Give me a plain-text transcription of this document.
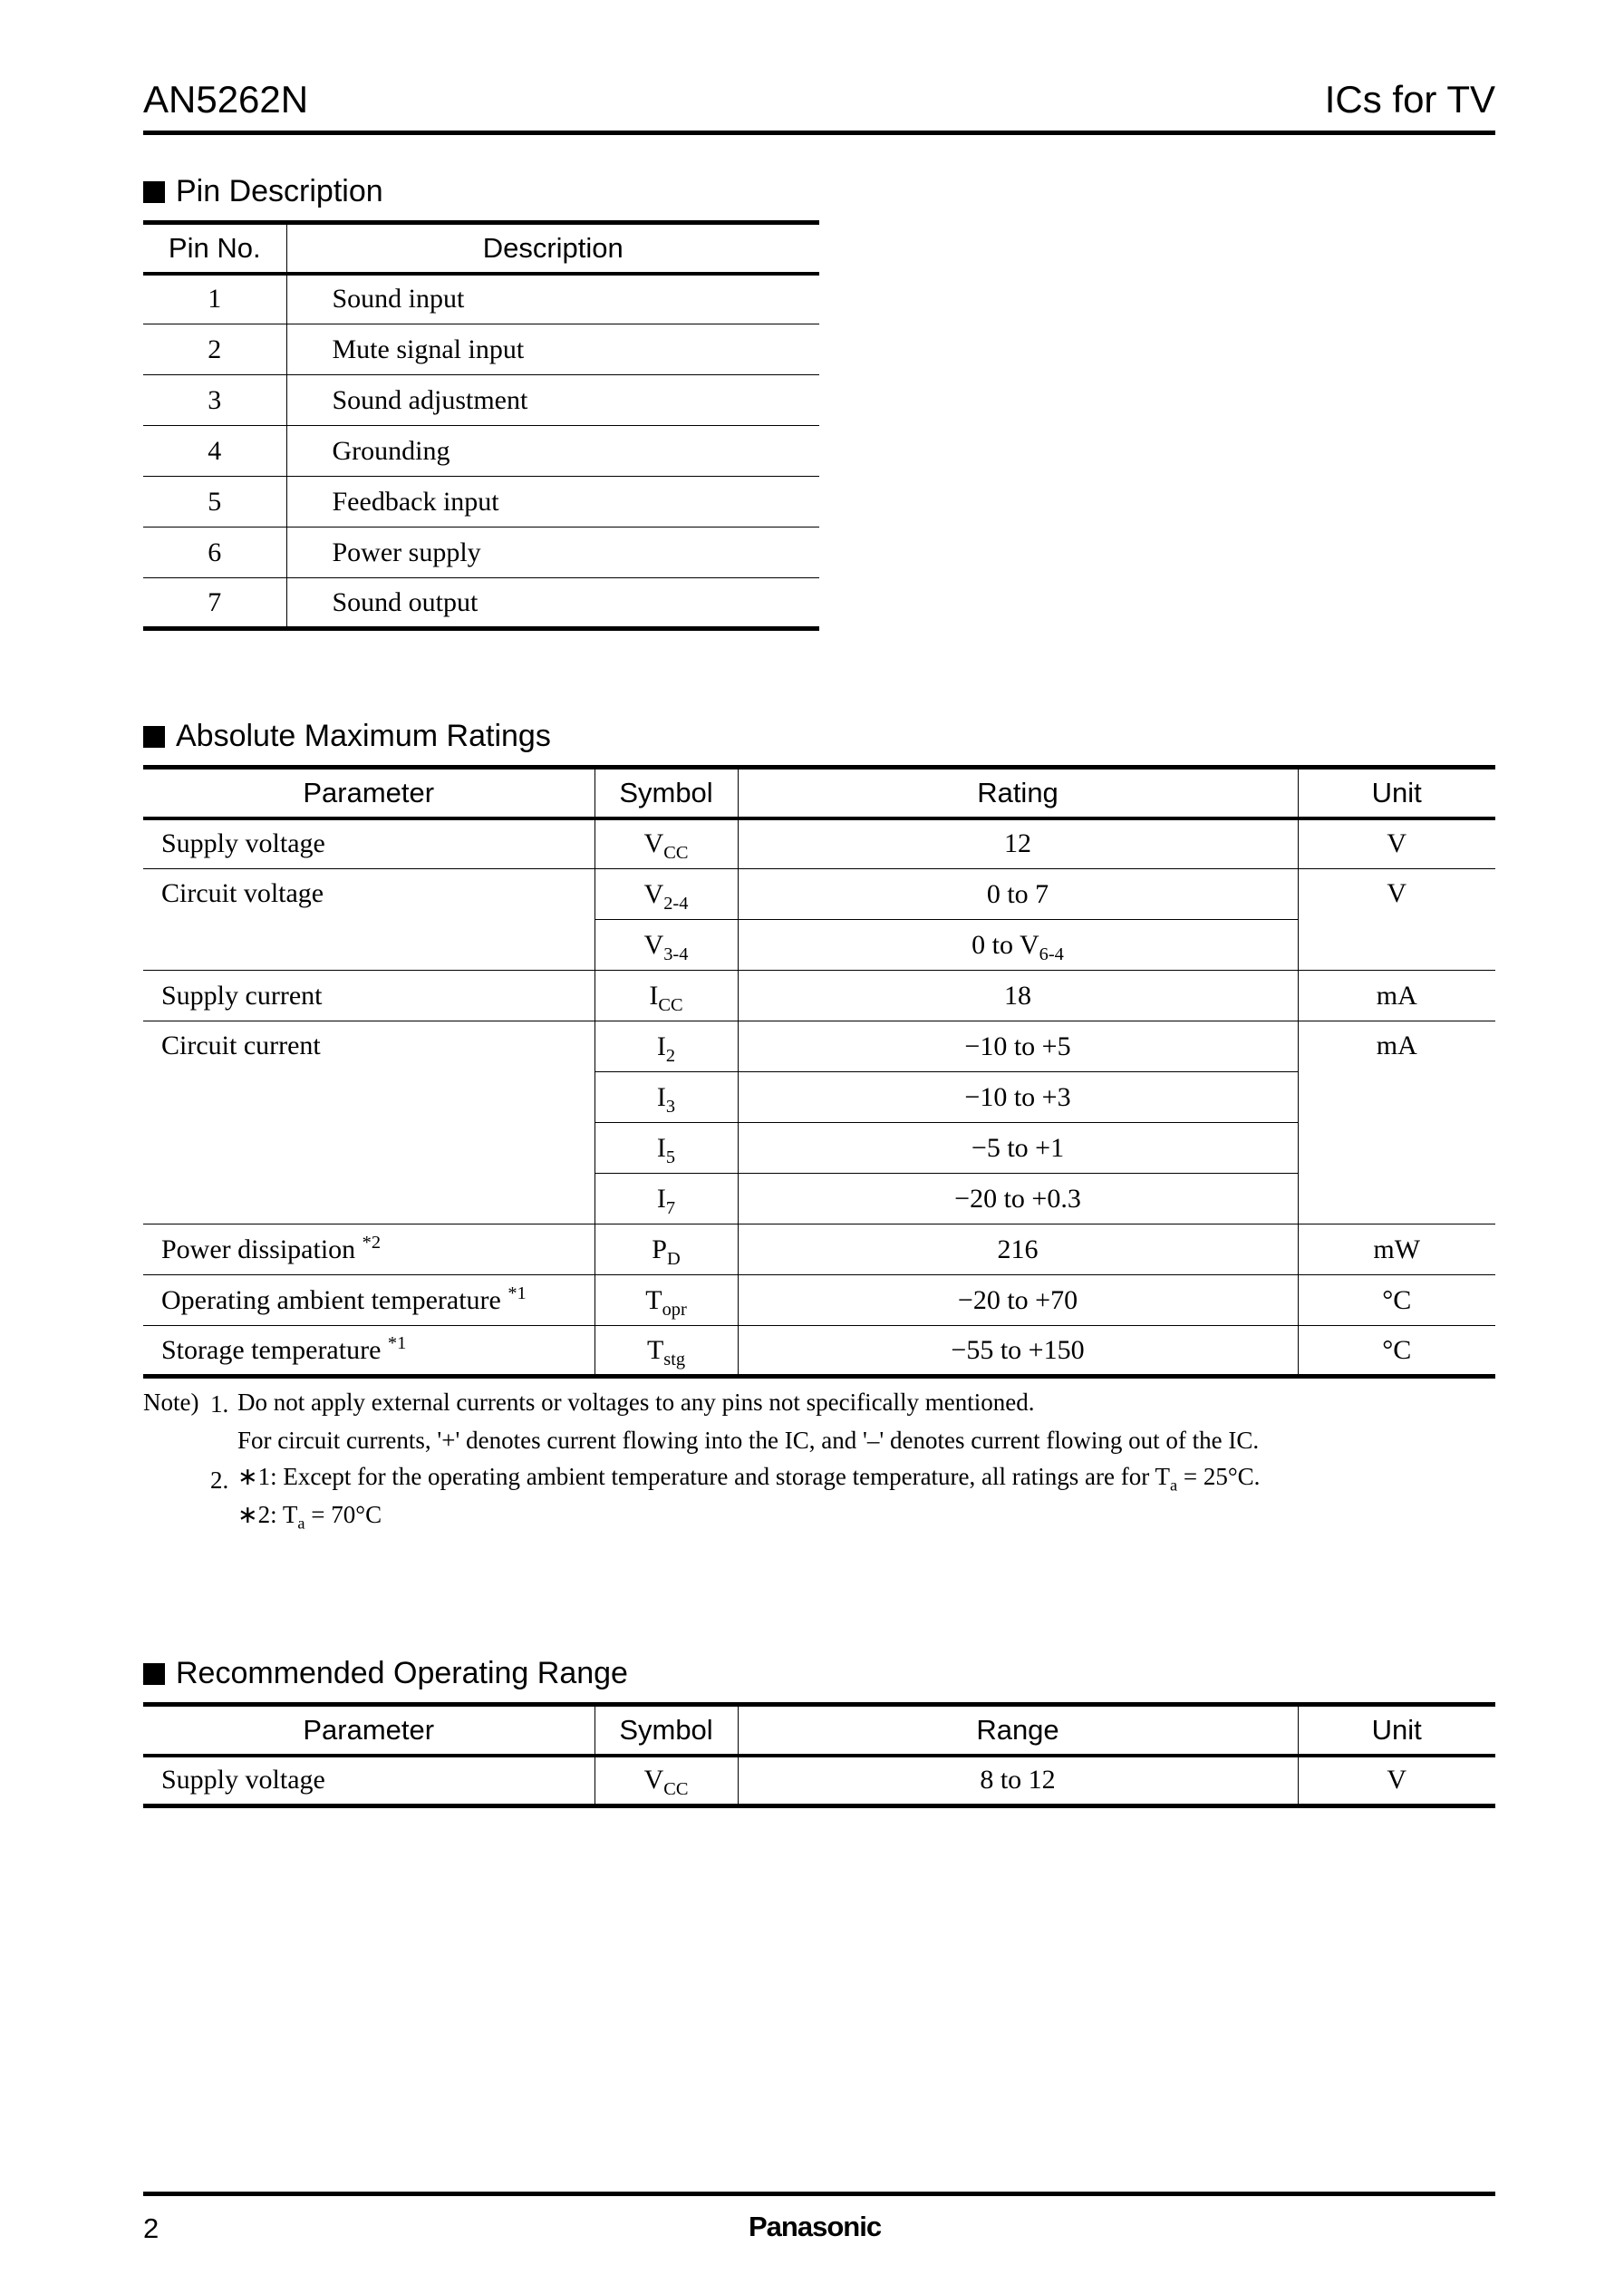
AN5262N	ICs for TV
Pin Description
Pin No.	Description
1	Sound input
2	Mute signal input
3	Sound adjustment
4	Grounding
5	Feedback input
6	Power supply
7	Sound output
Absolute Maximum Ratings
Parameter	Symbol	Rating	Unit
Supply voltage	$V_{CC}$	12	V
Circuit voltage	$V_{2-4}$	0 to 7	V
	$V_{3-4}$	0 to $V_{6-4}$
Supply current	$I_{CC}$	18	mA
Circuit current	$I_2$	−10 to +5	mA
	$I_3$	−10 to +3	
	$I_5$	−5 to +1	
	$I_7$	−20 to +0.3	
Power dissipation $^{*2}$	$P_D$	216	mW
Operating ambient temperature $^{*1}$	$T_{opr}$	−20 to +70	°C
Storage temperature $^{*1}$	$T_{stg}$	−55 to +150	°C
Note) 1. Do not apply external currents or voltages to any pins not specifically mentioned.
For circuit currents, '+' denotes current flowing into the IC, and '–' denotes current flowing out of the IC.
2. ∗1: Except for the operating ambient temperature and storage temperature, all ratings are for $T_a = 25^\circ C$.
∗2: $T_a = 70^\circ C$
Recommended Operating Range
Parameter	Symbol	Range	Unit
Supply voltage	$V_{CC}$	8 to 12	V
2	Panasonic
